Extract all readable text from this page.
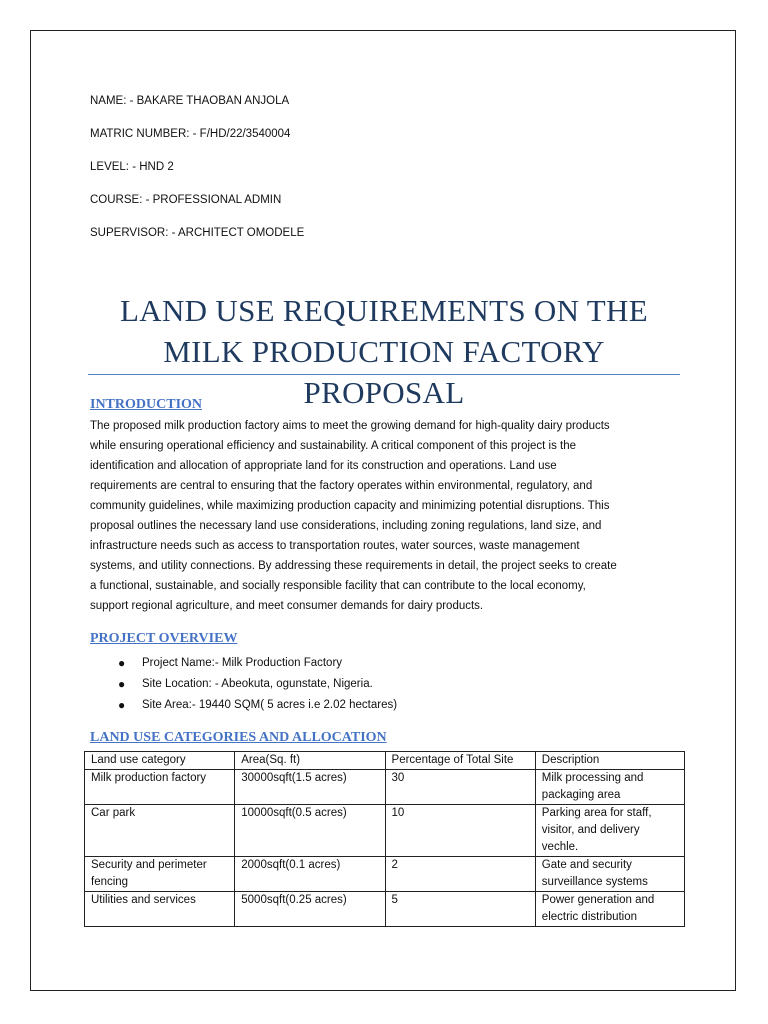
NAME: - BAKARE THAOBAN ANJOLA
MATRIC NUMBER: - F/HD/22/3540004
LEVEL: - HND 2
COURSE: - PROFESSIONAL ADMIN
SUPERVISOR: - ARCHITECT OMODELE
LAND USE REQUIREMENTS ON THE
MILK PRODUCTION FACTORY PROPOSAL
INTRODUCTION
The proposed milk production factory aims to meet the growing demand for high-quality dairy products
while ensuring operational efficiency and sustainability. A critical component of this project is the
identification and allocation of appropriate land for its construction and operations. Land use
requirements are central to ensuring that the factory operates within environmental, regulatory, and
community guidelines, while maximizing production capacity and minimizing potential disruptions. This
proposal outlines the necessary land use considerations, including zoning regulations, land size, and
infrastructure needs such as access to transportation routes, water sources, waste management
systems, and utility connections. By addressing these requirements in detail, the project seeks to create
a functional, sustainable, and socially responsible facility that can contribute to the local economy,
support regional agriculture, and meet consumer demands for dairy products.
PROJECT OVERVIEW
● Project Name:- Milk Production Factory
● Site Location: - Abeokuta, ogunstate, Nigeria.
● Site Area:- 19440 SQM( 5 acres i.e 2.02 hectares)
LAND USE CATEGORIES AND ALLOCATION
Land use category	Area(Sq. ft)	Percentage of Total Site	Description
Milk production factory	30000sqft(1.5 acres)	30	Milk processing and packaging area
Car park	10000sqft(0.5 acres)	10	Parking area for staff, visitor, and delivery vechle.
Security and perimeter fencing	2000sqft(0.1 acres)	2	Gate and security surveillance systems
Utilities and services	5000sqft(0.25 acres)	5	Power generation and electric distribution
